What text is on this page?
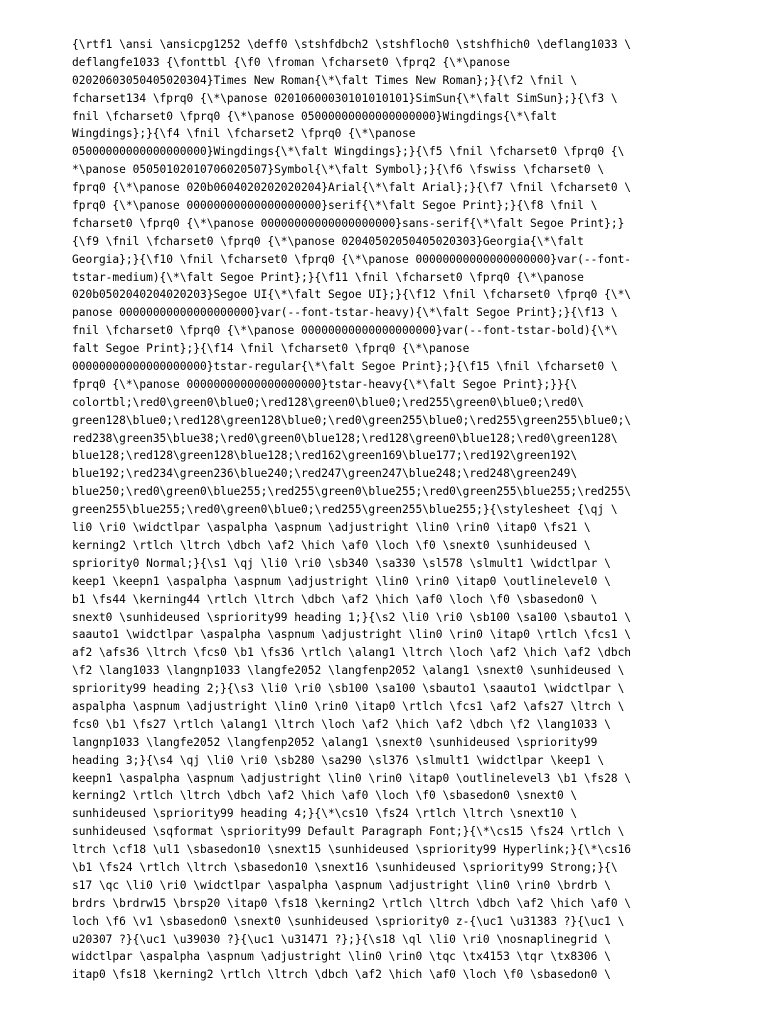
{\rtf1 \ansi \ansicpg1252 \deff0 \stshfdbch2 \stshfloch0 \stshfhich0 \deflang1033 \
deflangfe1033 {\fonttbl {\f0 \froman \fcharset0 \fprq2 {\*\panose
02020603050405020304}Times New Roman{\*\falt Times New Roman};}{\f2 \fnil \
fcharset134 \fprq0 {\*\panose 02010600030101010101}SimSun{\*\falt SimSun};}{\f3 \
fnil \fcharset0 \fprq0 {\*\panose 05000000000000000000}Wingdings{\*\falt
Wingdings};}{\f4 \fnil \fcharset2 \fprq0 {\*\panose
05000000000000000000}Wingdings{\*\falt Wingdings};}{\f5 \fnil \fcharset0 \fprq0 {\
*\panose 05050102010706020507}Symbol{\*\falt Symbol};}{\f6 \fswiss \fcharset0 \
fprq0 {\*\panose 020b0604020202020204}Arial{\*\falt Arial};}{\f7 \fnil \fcharset0 \
fprq0 {\*\panose 00000000000000000000}serif{\*\falt Segoe Print};}{\f8 \fnil \
fcharset0 \fprq0 {\*\panose 00000000000000000000}sans-serif{\*\falt Segoe Print};}
{\f9 \fnil \fcharset0 \fprq0 {\*\panose 02040502050405020303}Georgia{\*\falt
Georgia};}{\f10 \fnil \fcharset0 \fprq0 {\*\panose 00000000000000000000}var(--font-
tstar-medium){\*\falt Segoe Print};}{\f11 \fnil \fcharset0 \fprq0 {\*\panose
020b0502040204020203}Segoe UI{\*\falt Segoe UI};}{\f12 \fnil \fcharset0 \fprq0 {\*\
panose 00000000000000000000}var(--font-tstar-heavy){\*\falt Segoe Print};}{\f13 \
fnil \fcharset0 \fprq0 {\*\panose 00000000000000000000}var(--font-tstar-bold){\*\
falt Segoe Print};}{\f14 \fnil \fcharset0 \fprq0 {\*\panose
00000000000000000000}tstar-regular{\*\falt Segoe Print};}{\f15 \fnil \fcharset0 \
fprq0 {\*\panose 00000000000000000000}tstar-heavy{\*\falt Segoe Print};}}{\
colortbl;\red0\green0\blue0;\red128\green0\blue0;\red255\green0\blue0;\red0\
green128\blue0;\red128\green128\blue0;\red0\green255\blue0;\red255\green255\blue0;\
red238\green35\blue38;\red0\green0\blue128;\red128\green0\blue128;\red0\green128\
blue128;\red128\green128\blue128;\red162\green169\blue177;\red192\green192\
blue192;\red234\green236\blue240;\red247\green247\blue248;\red248\green249\
blue250;\red0\green0\blue255;\red255\green0\blue255;\red0\green255\blue255;\red255\
green255\blue255;\red0\green0\blue0;\red255\green255\blue255;}{\stylesheet {\qj \
li0 \ri0 \widctlpar \aspalpha \aspnum \adjustright \lin0 \rin0 \itap0 \fs21 \
kerning2 \rtlch \ltrch \dbch \af2 \hich \af0 \loch \f0 \snext0 \sunhideused \
spriority0 Normal;}{\s1 \qj \li0 \ri0 \sb340 \sa330 \sl578 \slmult1 \widctlpar \
keep1 \keepn1 \aspalpha \aspnum \adjustright \lin0 \rin0 \itap0 \outlinelevel0 \
b1 \fs44 \kerning44 \rtlch \ltrch \dbch \af2 \hich \af0 \loch \f0 \sbasedon0 \
snext0 \sunhideused \spriority99 heading 1;}{\s2 \li0 \ri0 \sb100 \sa100 \sbauto1 \
saauto1 \widctlpar \aspalpha \aspnum \adjustright \lin0 \rin0 \itap0 \rtlch \fcs1 \
af2 \afs36 \ltrch \fcs0 \b1 \fs36 \rtlch \alang1 \ltrch \loch \af2 \hich \af2 \dbch
\f2 \lang1033 \langnp1033 \langfe2052 \langfenp2052 \alang1 \snext0 \sunhideused \
spriority99 heading 2;}{\s3 \li0 \ri0 \sb100 \sa100 \sbauto1 \saauto1 \widctlpar \
aspalpha \aspnum \adjustright \lin0 \rin0 \itap0 \rtlch \fcs1 \af2 \afs27 \ltrch \
fcs0 \b1 \fs27 \rtlch \alang1 \ltrch \loch \af2 \hich \af2 \dbch \f2 \lang1033 \
langnp1033 \langfe2052 \langfenp2052 \alang1 \snext0 \sunhideused \spriority99
heading 3;}{\s4 \qj \li0 \ri0 \sb280 \sa290 \sl376 \slmult1 \widctlpar \keep1 \
keepn1 \aspalpha \aspnum \adjustright \lin0 \rin0 \itap0 \outlinelevel3 \b1 \fs28 \
kerning2 \rtlch \ltrch \dbch \af2 \hich \af0 \loch \f0 \sbasedon0 \snext0 \
sunhideused \spriority99 heading 4;}{\*\cs10 \fs24 \rtlch \ltrch \snext10 \
sunhideused \sqformat \spriority99 Default Paragraph Font;}{\*\cs15 \fs24 \rtlch \
ltrch \cf18 \ul1 \sbasedon10 \snext15 \sunhideused \spriority99 Hyperlink;}{\*\cs16
\b1 \fs24 \rtlch \ltrch \sbasedon10 \snext16 \sunhideused \spriority99 Strong;}{\
s17 \qc \li0 \ri0 \widctlpar \aspalpha \aspnum \adjustright \lin0 \rin0 \brdrb \
brdrs \brdrw15 \brsp20 \itap0 \fs18 \kerning2 \rtlch \ltrch \dbch \af2 \hich \af0 \
loch \f6 \v1 \sbasedon0 \snext0 \sunhideused \spriority0 z-{\uc1 \u31383 ?}{\uc1 \
u20307 ?}{\uc1 \u39030 ?}{\uc1 \u31471 ?};}{\s18 \ql \li0 \ri0 \nosnaplinegrid \
widctlpar \aspalpha \aspnum \adjustright \lin0 \rin0 \tqc \tx4153 \tqr \tx8306 \
itap0 \fs18 \kerning2 \rtlch \ltrch \dbch \af2 \hich \af0 \loch \f0 \sbasedon0 \
